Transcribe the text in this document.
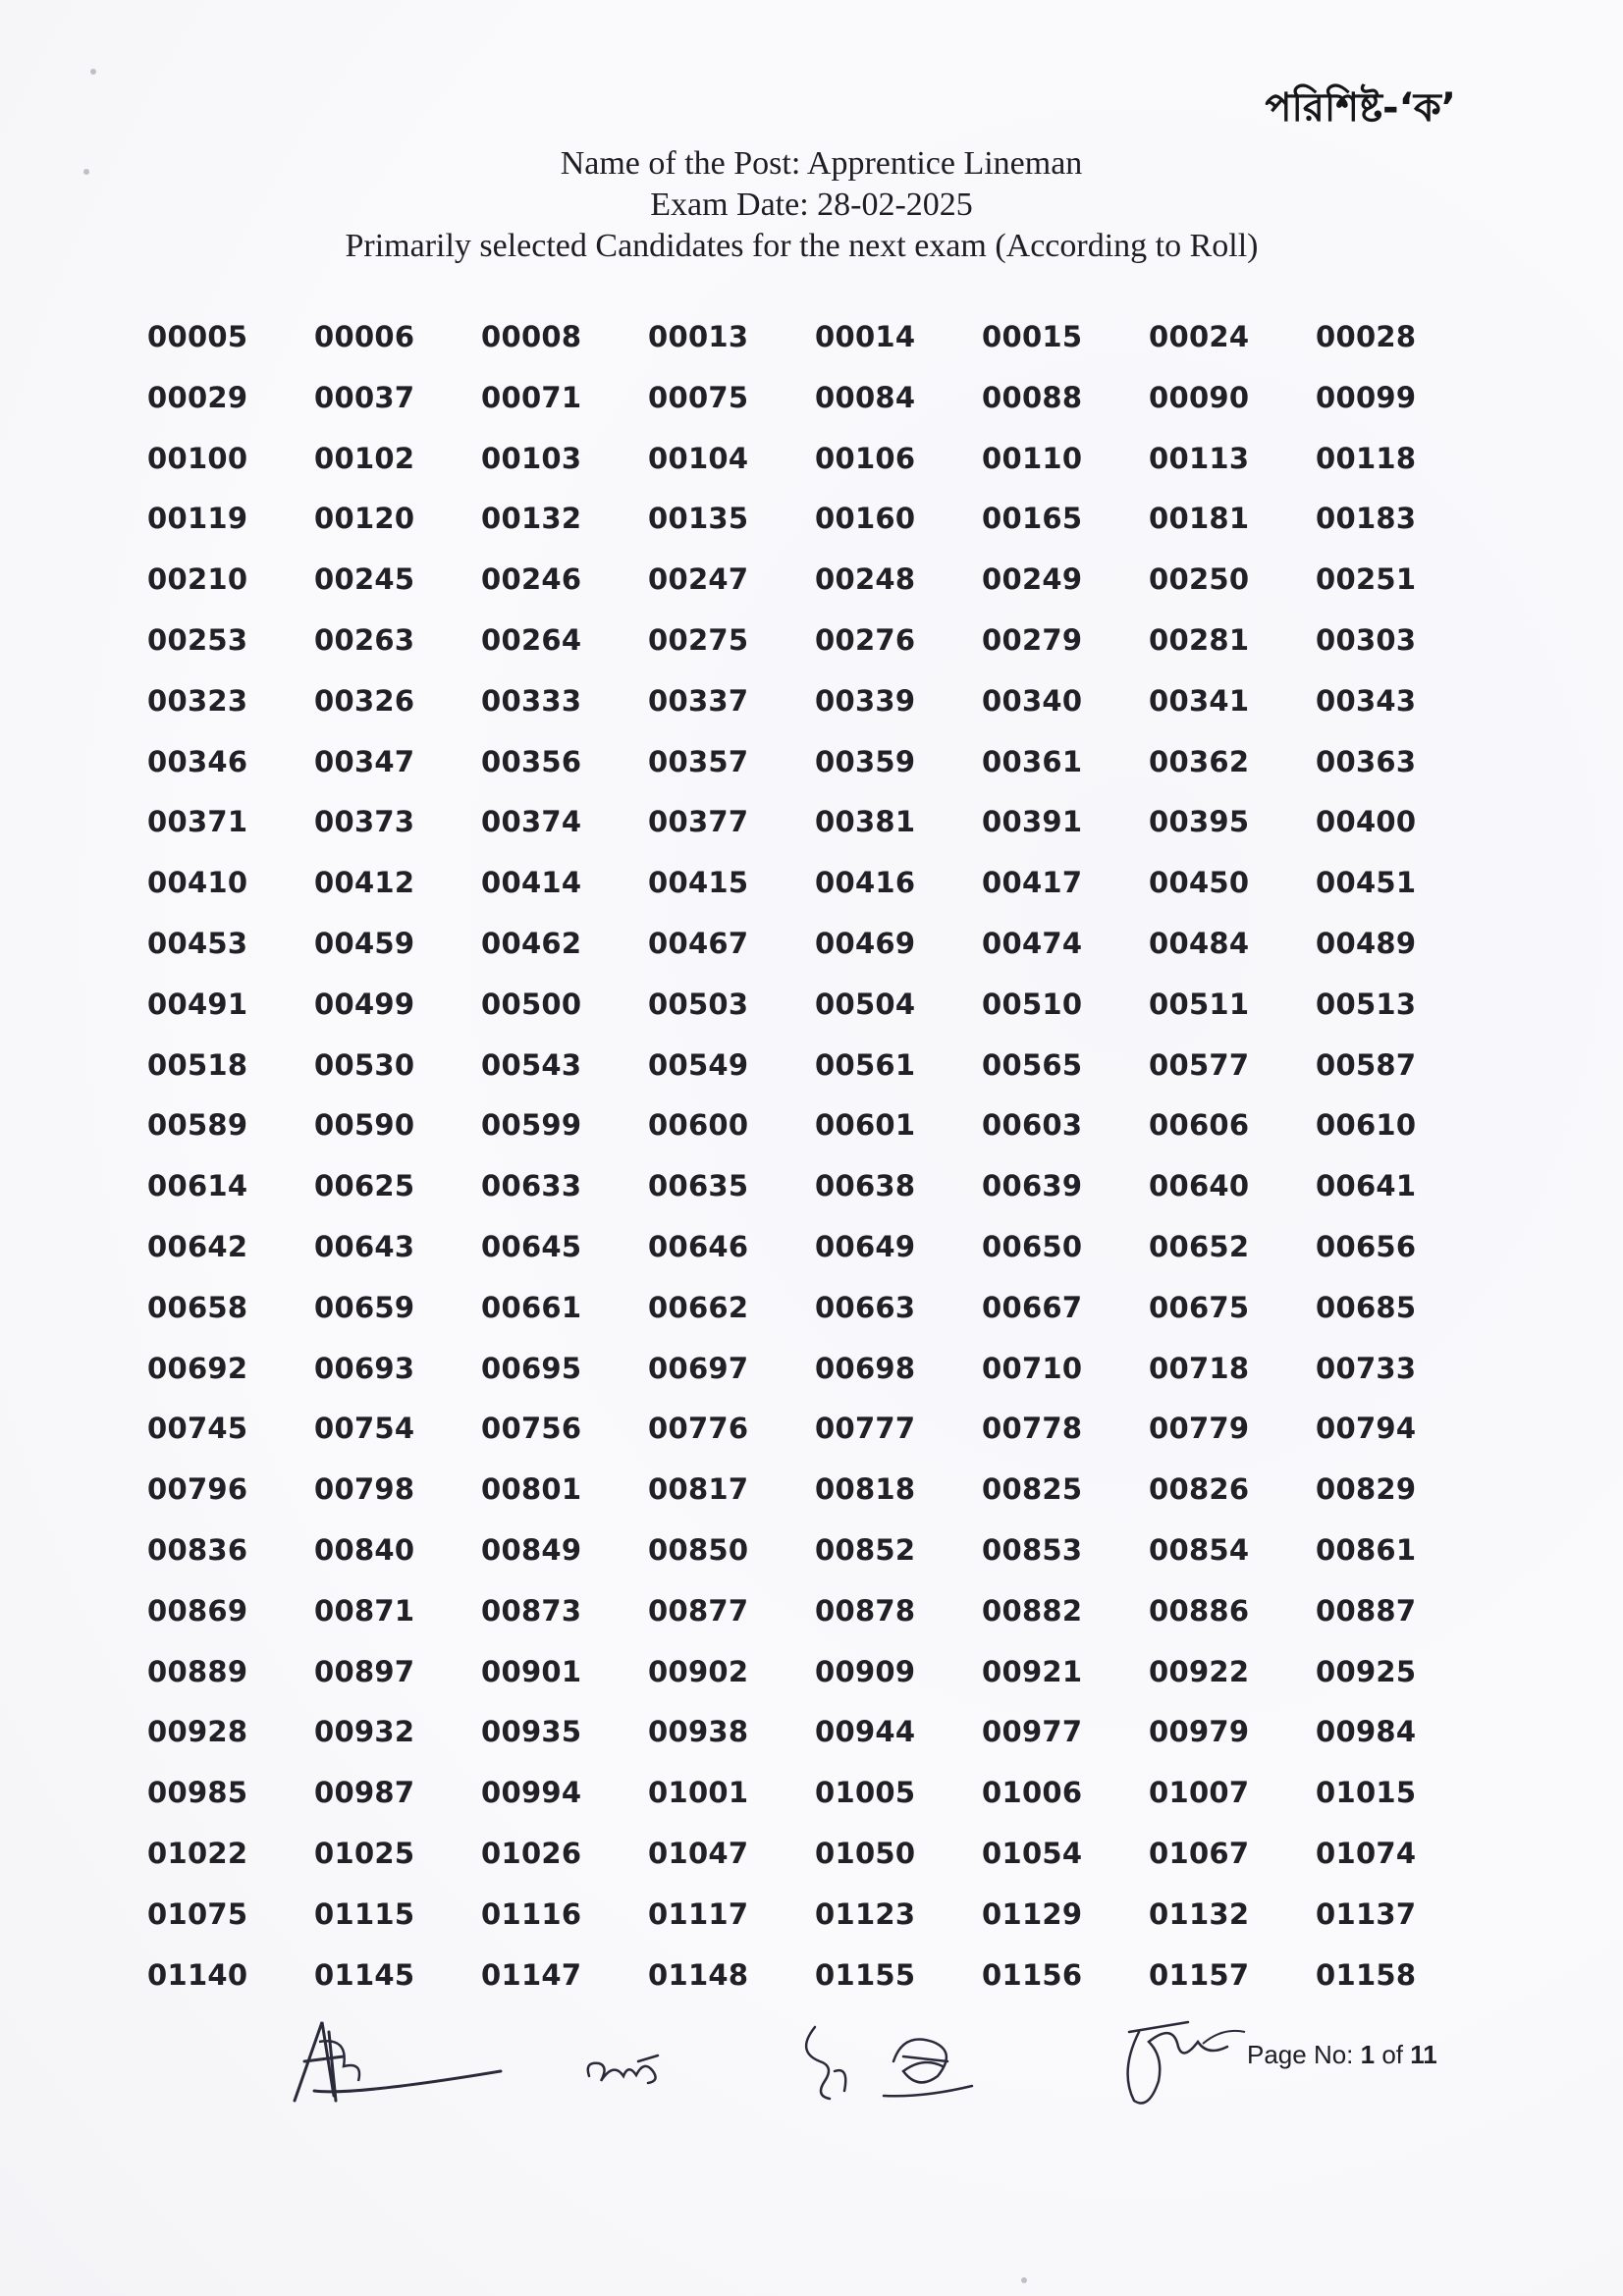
পরিশিষ্ট-‘ক’
Name of the Post: Apprentice Lineman
Exam Date: 28-02-2025
Primarily selected Candidates for the next exam (According to Roll)
00005	00006	00008	00013	00014	00015	00024	00028
00029	00037	00071	00075	00084	00088	00090	00099
00100	00102	00103	00104	00106	00110	00113	00118
00119	00120	00132	00135	00160	00165	00181	00183
00210	00245	00246	00247	00248	00249	00250	00251
00253	00263	00264	00275	00276	00279	00281	00303
00323	00326	00333	00337	00339	00340	00341	00343
00346	00347	00356	00357	00359	00361	00362	00363
00371	00373	00374	00377	00381	00391	00395	00400
00410	00412	00414	00415	00416	00417	00450	00451
00453	00459	00462	00467	00469	00474	00484	00489
00491	00499	00500	00503	00504	00510	00511	00513
00518	00530	00543	00549	00561	00565	00577	00587
00589	00590	00599	00600	00601	00603	00606	00610
00614	00625	00633	00635	00638	00639	00640	00641
00642	00643	00645	00646	00649	00650	00652	00656
00658	00659	00661	00662	00663	00667	00675	00685
00692	00693	00695	00697	00698	00710	00718	00733
00745	00754	00756	00776	00777	00778	00779	00794
00796	00798	00801	00817	00818	00825	00826	00829
00836	00840	00849	00850	00852	00853	00854	00861
00869	00871	00873	00877	00878	00882	00886	00887
00889	00897	00901	00902	00909	00921	00922	00925
00928	00932	00935	00938	00944	00977	00979	00984
00985	00987	00994	01001	01005	01006	01007	01015
01022	01025	01026	01047	01050	01054	01067	01074
01075	01115	01116	01117	01123	01129	01132	01137
01140	01145	01147	01148	01155	01156	01157	01158
Page No: 1 of 11
